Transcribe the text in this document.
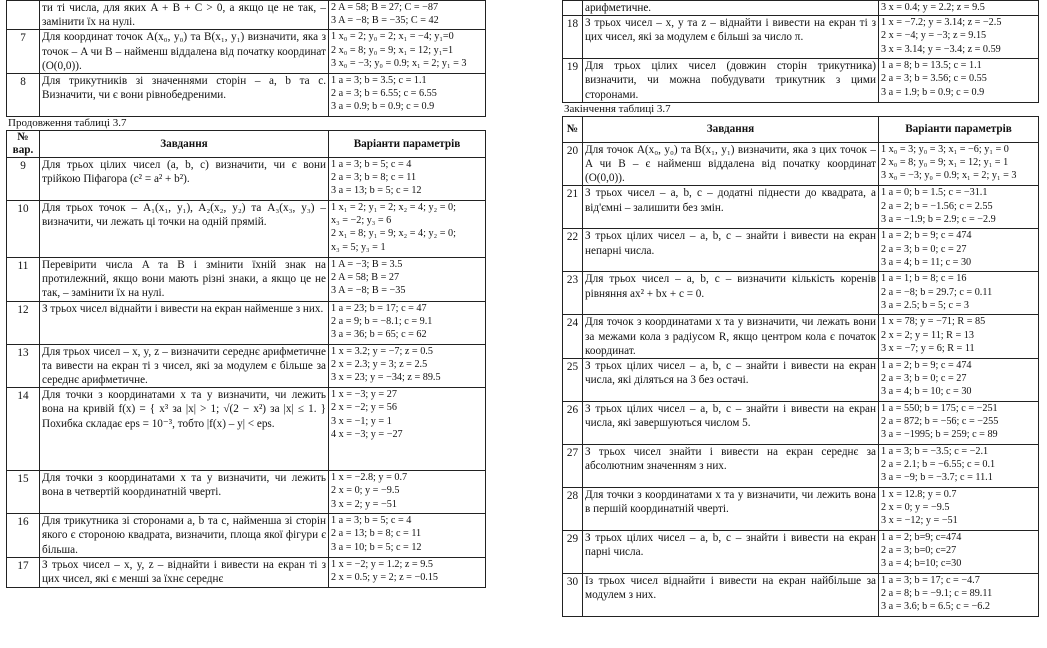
	ти ті числа, для яких A + B + C > 0, а якщо це не так, – замінити їх на нулі.	2 A = 58; B = 27; C = −87
3 A = −8; B = −35; C = 42

7	Для координат точок A(x₀, y₀) та B(x₁, y₁) визначити, яка з точок – A чи B – найменш віддалена від початку координат (O(0,0)).	1 x₀ = 2; y₀ = 2; x₁ = −4; y₁=0
2 x₀ = 8; y₀ = 9; x₁ = 12; y₁=1
3 x₀ = −3; y₀ = 0.9; x₁ = 2; y₁ = 3

8	Для трикутників зі значеннями сторін – a, b та c. Визначити, чи є вони рівнобедреними.	1 a = 3; b = 3.5; c = 1.1
2 a = 3; b = 6.55; c = 6.55
3 a = 0.9; b = 0.9; c = 0.9
Продовження таблиці 3.7
№ вар.	Завдання	Варіанти параметрів
9	Для трьох цілих чисел (a, b, c) визначити, чи є вони трійкою Піфагора (c² = a² + b²).	1 a = 3; b = 5; c = 4
2 a = 3; b = 8; c = 11
3 a = 13; b = 5; c = 12

10	Для трьох точок – A₁(x₁, y₁), A₂(x₂, y₂) та A₃(x₃, y₃) – визначити, чи лежать ці точки на одній прямій.	1 x₁ = 2; y₁ = 2; x₂ = 4; y₂ = 0;
x₃ = −2; y₃ = 6
2 x₁ = 8; y₁ = 9; x₂ = 4; y₂ = 0;
x₃ = 5; y₃ = 1

11	Перевірити числа A та B і змінити їхній знак на протилежний, якщо вони мають різні знаки, а якщо це не так, – замінити їх на нулі.	1 A = −3; B = 3.5
2 A = 58; B = 27
3 A = −8; B = −35

12	З трьох чисел віднайти і вивести на екран найменше з них.	1 a = 23; b = 17; c = 47
2 a = 9; b = −8.1; c = 9.1
3 a = 36; b = 65; c = 62

13	Для трьох чисел – x, y, z – визначити середнє арифметичне та вивести на екран ті з чисел, які за модулем є більше за середнє арифметичне.	1 x = 3.2; y = −7; z = 0.5
2 x = 2.3; y = 3; z = 2.5
3 x = 23; y = −34; z = 89.5

14	Для точки з координатами x та y визначити, чи лежить вона на кривій f(x) = { x³ за |x| > 1; √(2 − x²) за |x| ≤ 1. } Похибка складає eps = 10⁻³, тобто |f(x) – y| < eps.	1 x = −3; y = 27
2 x = −2; y = 56
3 x = −1; y = 1
4 x = −3; y = −27

15	Для точки з координатами x та y визначити, чи лежить вона в четвертій координатній чверті.	1 x = −2.8; y = 0.7
2 x = 0; y = −9.5
3 x = 2; y = −51

16	Для трикутника зі сторонами a, b та c, найменша зі сторін якого є стороною квадрата, визначити, площа якої фігури є більша.	1 a = 3; b = 5; c = 4
2 a = 13; b = 8; c = 11
3 a = 10; b = 5; c = 12

17	З трьох чисел – x, y, z – віднайти і вивести на екран ті з цих чисел, які є менші за їхнє середнє	1 x = −2; y = 1.2; z = 9.5
2 x = 0.5; y = 2; z = −0.15
	арифметичне.	3 x = 0.4; y = 2.2; z = 9.5

18	З трьох чисел – x, y та z – віднайти і вивести на екран ті з цих чисел, які за модулем є більші за число π.	1 x = −7.2; y = 3.14; z = −2.5
2 x = −4; y = −3; z = 9.15
3 x = 3.14; y = −3.4; z = 0.59

19	Для трьох цілих чисел (довжин сторін трикутника) визначити, чи можна побудувати трикутник з цими сторонами.	1 a = 8; b = 13.5; c = 1.1
2 a = 3; b = 3.56; c = 0.55
3 a = 1.9; b = 0.9; c = 0.9
Закінчення таблиці 3.7
№	Завдання	Варіанти параметрів
20	Для точок A(x₀, y₀) та B(x₁, y₁) визначити, яка з цих точок – A чи B – є найменш віддалена від початку координат (O(0,0)).	1 x₀ = 3; y₀ = 3; x₁ = −6; y₁ = 0
2 x₀ = 8; y₀ = 9; x₁ = 12; y₁ = 1
3 x₀ = −3; y₀ = 0.9; x₁ = 2; y₁ = 3

21	З трьох чисел – a, b, c – додатні піднести до квадрата, а від'ємні – залишити без змін.	1 a = 0; b = 1.5; c = −31.1
2 a = 2; b = −1.56; c = 2.55
3 a = −1.9; b = 2.9; c = −2.9

22	З трьох цілих чисел – a, b, c – знайти і вивести на екран непарні числа.	1 a = 2; b = 9; c = 474
2 a = 3; b = 0; c = 27
3 a = 4; b = 11; c = 30

23	Для трьох чисел – a, b, c – визначити кількість коренів рівняння ax² + bx + c = 0.	1 a = 1; b = 8; c = 16
2 a = −8; b = 29.7; c = 0.11
3 a = 2.5; b = 5; c = 3

24	Для точок з координатами x та y визначити, чи лежать вони за межами кола з радіусом R, якщо центром кола є початок координат.	1 x = 78; y = −71; R = 85
2 x = 2; y = 11; R = 13
3 x = −7; y = 6; R = 11

25	З трьох цілих чисел – a, b, c – знайти і вивести на екран числа, які діляться на 3 без остачі.	1 a = 2; b = 9; c = 474
2 a = 3; b = 0; c = 27
3 a = 4; b = 10; c = 30

26	З трьох цілих чисел – a, b, c – знайти і вивести на екран числа, які завершуються числом 5.	1 a = 550; b = 175; c = −251
2 a = 872; b = −56; c = −255
3 a = −1995; b = 259; c = 89

27	З трьох чисел знайти і вивести на екран середнє за абсолютним значенням з них.	1 a = 3; b = −3.5; c = −2.1
2 a = 2.1; b = −6.55; c = 0.1
3 a = −9; b = −3.7; c = 11.1

28	Для точки з координатами x та y визначити, чи лежить вона в першій координатній чверті.	1 x = 12.8; y = 0.7
2 x = 0; y = −9.5
3 x = −12; y = −51

29	З трьох цілих чисел – a, b, c – знайти і вивести на екран парні числа.	1 a = 2; b=9; c=474
2 a = 3; b=0; c=27
3 a = 4; b=10; c=30

30	Із трьох чисел віднайти і вивести на екран найбільше за модулем з них.	1 a = 3; b = 17; c = −4.7
2 a = 8; b = −9.1; c = 89.11
3 a = 3.6; b = 6.5; c = −6.2
